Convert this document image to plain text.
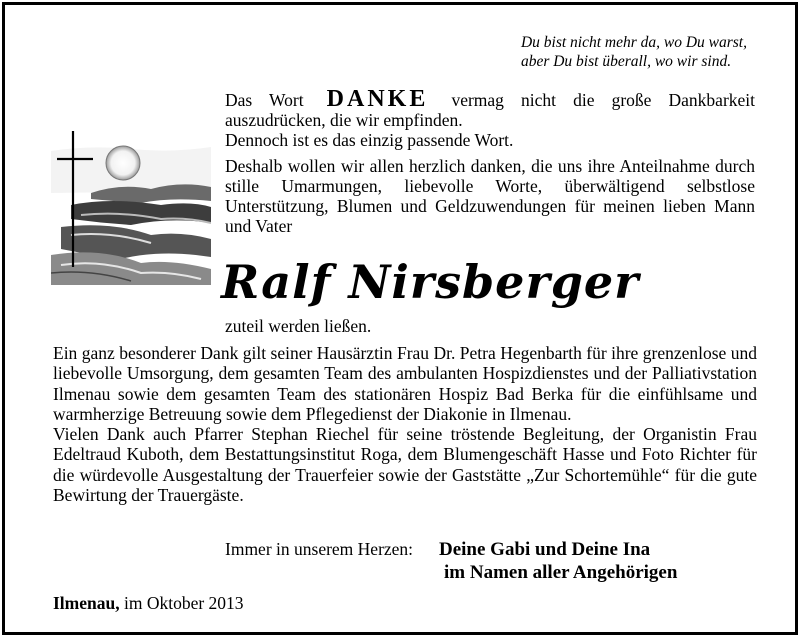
Du bist nicht mehr da, wo Du warst,
aber Du bist überall, wo wir sind.

Das Wort DANKE vermag nicht die große Dankbarkeit auszudrücken, die wir empfinden.
Dennoch ist es das einzig passende Wort.

Deshalb wollen wir allen herzlich danken, die uns ihre Anteilnahme durch stille Umarmungen, liebevolle Worte, überwältigend selbstlose Unterstützung, Blumen und Geldzuwendungen für meinen lieben Mann und Vater

Ralf Nirsberger
zuteil werden ließen.

Ein ganz besonderer Dank gilt seiner Hausärztin Frau Dr. Petra Hegenbarth für ihre grenzenlose und liebevolle Umsorgung, dem gesamten Team des ambulanten Hospizdienstes und der Palliativstation Ilmenau sowie dem gesamten Team des stationären Hospiz Bad Berka für die einfühlsame und warmherzige Betreuung sowie dem Pflegedienst der Diakonie in Ilmenau.

Vielen Dank auch Pfarrer Stephan Riechel für seine tröstende Begleitung, der Organistin Frau Edeltraud Kuboth, dem Bestattungsinstitut Roga, dem Blumengeschäft Hasse und Foto Richter für die würdevolle Ausgestaltung der Trauerfeier sowie der Gaststätte „Zur Schortemühle“ für die gute Bewirtung der Trauergäste.

Immer in unserem Herzen: Deine Gabi und Deine Ina
im Namen aller Angehörigen
Ilmenau, im Oktober 2013
